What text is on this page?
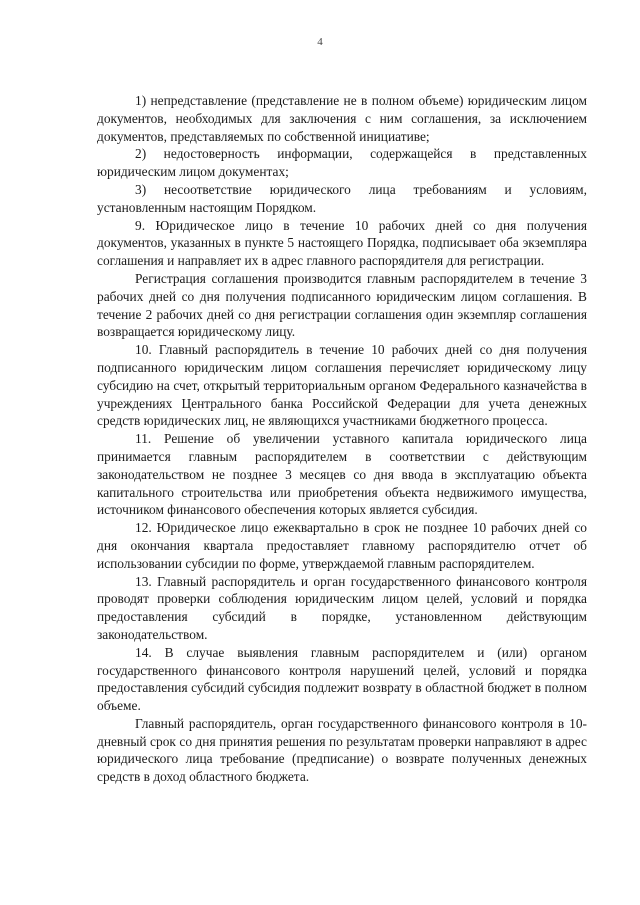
4

1) непредставление (представление не в полном объеме) юридическим лицом документов, необходимых для заключения с ним соглашения, за исключением документов, представляемых по собственной инициативе;

2) недостоверность информации, содержащейся в представленных юридическим лицом документах;

3) несоответствие юридического лица требованиям и условиям, установленным настоящим Порядком.

9. Юридическое лицо в течение 10 рабочих дней со дня получения документов, указанных в пункте 5 настоящего Порядка, подписывает оба экземпляра соглашения и направляет их в адрес главного распорядителя для регистрации.

Регистрация соглашения производится главным распорядителем в течение 3 рабочих дней со дня получения подписанного юридическим лицом соглашения. В течение 2 рабочих дней со дня регистрации соглашения один экземпляр соглашения возвращается юридическому лицу.

10. Главный распорядитель в течение 10 рабочих дней со дня получения подписанного юридическим лицом соглашения перечисляет юридическому лицу субсидию на счет, открытый территориальным органом Федерального казначейства в учреждениях Центрального банка Российской Федерации для учета денежных средств юридических лиц, не являющихся участниками бюджетного процесса.

11. Решение об увеличении уставного капитала юридического лица принимается главным распорядителем в соответствии с действующим законодательством не позднее 3 месяцев со дня ввода в эксплуатацию объекта капитального строительства или приобретения объекта недвижимого имущества, источником финансового обеспечения которых является субсидия.

12. Юридическое лицо ежеквартально в срок не позднее 10 рабочих дней со дня окончания квартала предоставляет главному распорядителю отчет об использовании субсидии по форме, утверждаемой главным распорядителем.

13. Главный распорядитель и орган государственного финансового контроля проводят проверки соблюдения юридическим лицом целей, условий и порядка предоставления субсидий в порядке, установленном действующим законодательством.

14. В случае выявления главным распорядителем и (или) органом государственного финансового контроля нарушений целей, условий и порядка предоставления субсидий субсидия подлежит возврату в областной бюджет в полном объеме.

Главный распорядитель, орган государственного финансового контроля в 10-дневный срок со дня принятия решения по результатам проверки направляют в адрес юридического лица требование (предписание) о возврате полученных денежных средств в доход областного бюджета.
